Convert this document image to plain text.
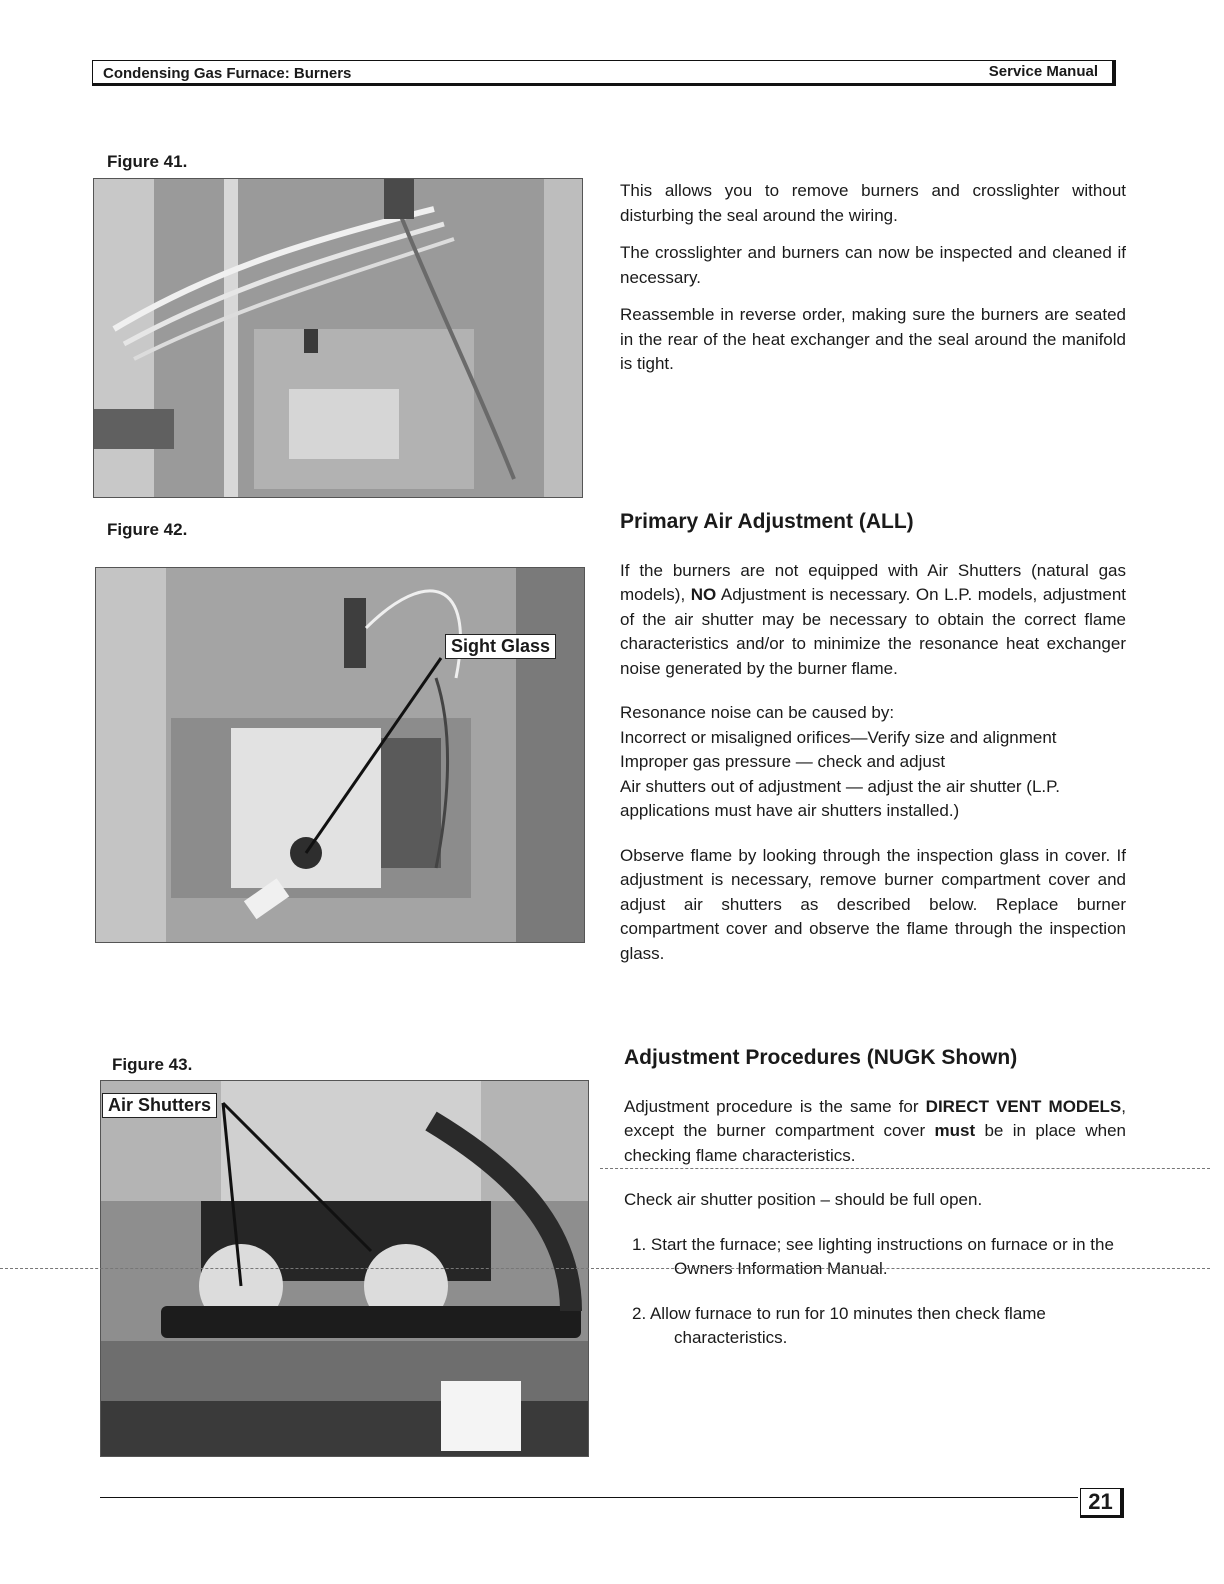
Condensing Gas Furnace: Burners	Service Manual
Figure 41.
Figure 42.
Sight Glass
Figure 43.
Air Shutters

This allows you to remove burners and crosslighter without disturbing the seal around the wiring.

The crosslighter and burners can now be inspected and cleaned if necessary.

Reassemble in reverse order, making sure the burners are seated in the rear of the heat exchanger and the seal around the manifold is tight.

Primary Air Adjustment (ALL)

If the burners are not equipped with Air Shutters (natural gas models), NO Adjustment is necessary. On L.P. models, adjustment of the air shutter may be necessary to obtain the correct flame characteristics and/or to minimize the resonance heat exchanger noise generated by the burner flame.

Resonance noise can be caused by:
Incorrect or misaligned orifices—Verify size and alignment
Improper gas pressure — check and adjust
Air shutters out of adjustment — adjust the air shutter (L.P. applications must have air shutters installed.)

Observe flame by looking through the inspection glass in cover. If adjustment is necessary, remove burner compartment cover and adjust air shutters as described below. Replace burner compartment cover and observe the flame through the inspection glass.

Adjustment Procedures (NUGK Shown)

Adjustment procedure is the same for DIRECT VENT MODELS, except the burner compartment cover must be in place when checking flame characteristics.

Check air shutter position – should be full open.

1. Start the furnace; see lighting instructions on furnace or in the Owners Information Manual.
2. Allow furnace to run for 10 minutes then check flame characteristics.
21
